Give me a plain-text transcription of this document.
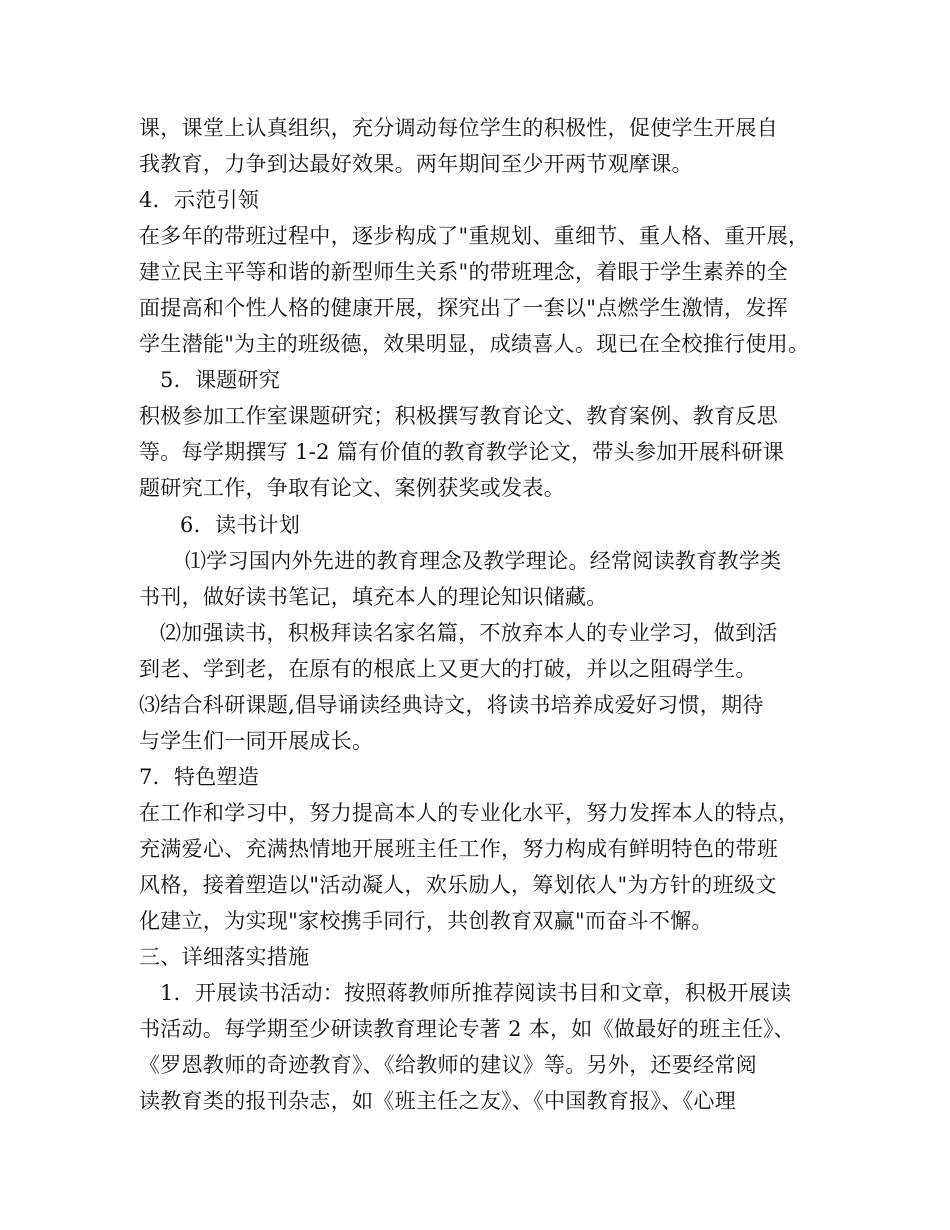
课，课堂上认真组织，充分调动每位学生的积极性，促使学生开展自
我教育，力争到达最好效果。两年期间至少开两节观摩课。
4．示范引领
在多年的带班过程中，逐步构成了"重规划、重细节、重人格、重开展，
建立民主平等和谐的新型师生关系"的带班理念，着眼于学生素养的全
面提高和个性人格的健康开展，探究出了一套以"点燃学生激情，发挥
学生潜能"为主的班级德，效果明显，成绩喜人。现已在全校推行使用。
5．课题研究
积极参加工作室课题研究；积极撰写教育论文、教育案例、教育反思
等。每学期撰写 1-2 篇有价值的教育教学论文，带头参加开展科研课
题研究工作，争取有论文、案例获奖或发表。
6．读书计划
⑴学习国内外先进的教育理念及教学理论。经常阅读教育教学类
书刊，做好读书笔记，填充本人的理论知识储藏。
⑵加强读书，积极拜读名家名篇，不放弃本人的专业学习，做到活
到老、学到老，在原有的根底上又更大的打破，并以之阻碍学生。
⑶结合科研课题,倡导诵读经典诗文，将读书培养成爱好习惯，期待
与学生们一同开展成长。
7．特色塑造
在工作和学习中，努力提高本人的专业化水平，努力发挥本人的特点，
充满爱心、充满热情地开展班主任工作，努力构成有鲜明特色的带班
风格，接着塑造以"活动凝人，欢乐励人，筹划依人"为方针的班级文
化建立，为实现"家校携手同行，共创教育双赢"而奋斗不懈。
三、详细落实措施
1．开展读书活动：按照蒋教师所推荐阅读书目和文章，积极开展读
书活动。每学期至少研读教育理论专著 2 本，如《做最好的班主任》、
《罗恩教师的奇迹教育》、《给教师的建议》等。另外，还要经常阅
读教育类的报刊杂志，如《班主任之友》、《中国教育报》、《心理
